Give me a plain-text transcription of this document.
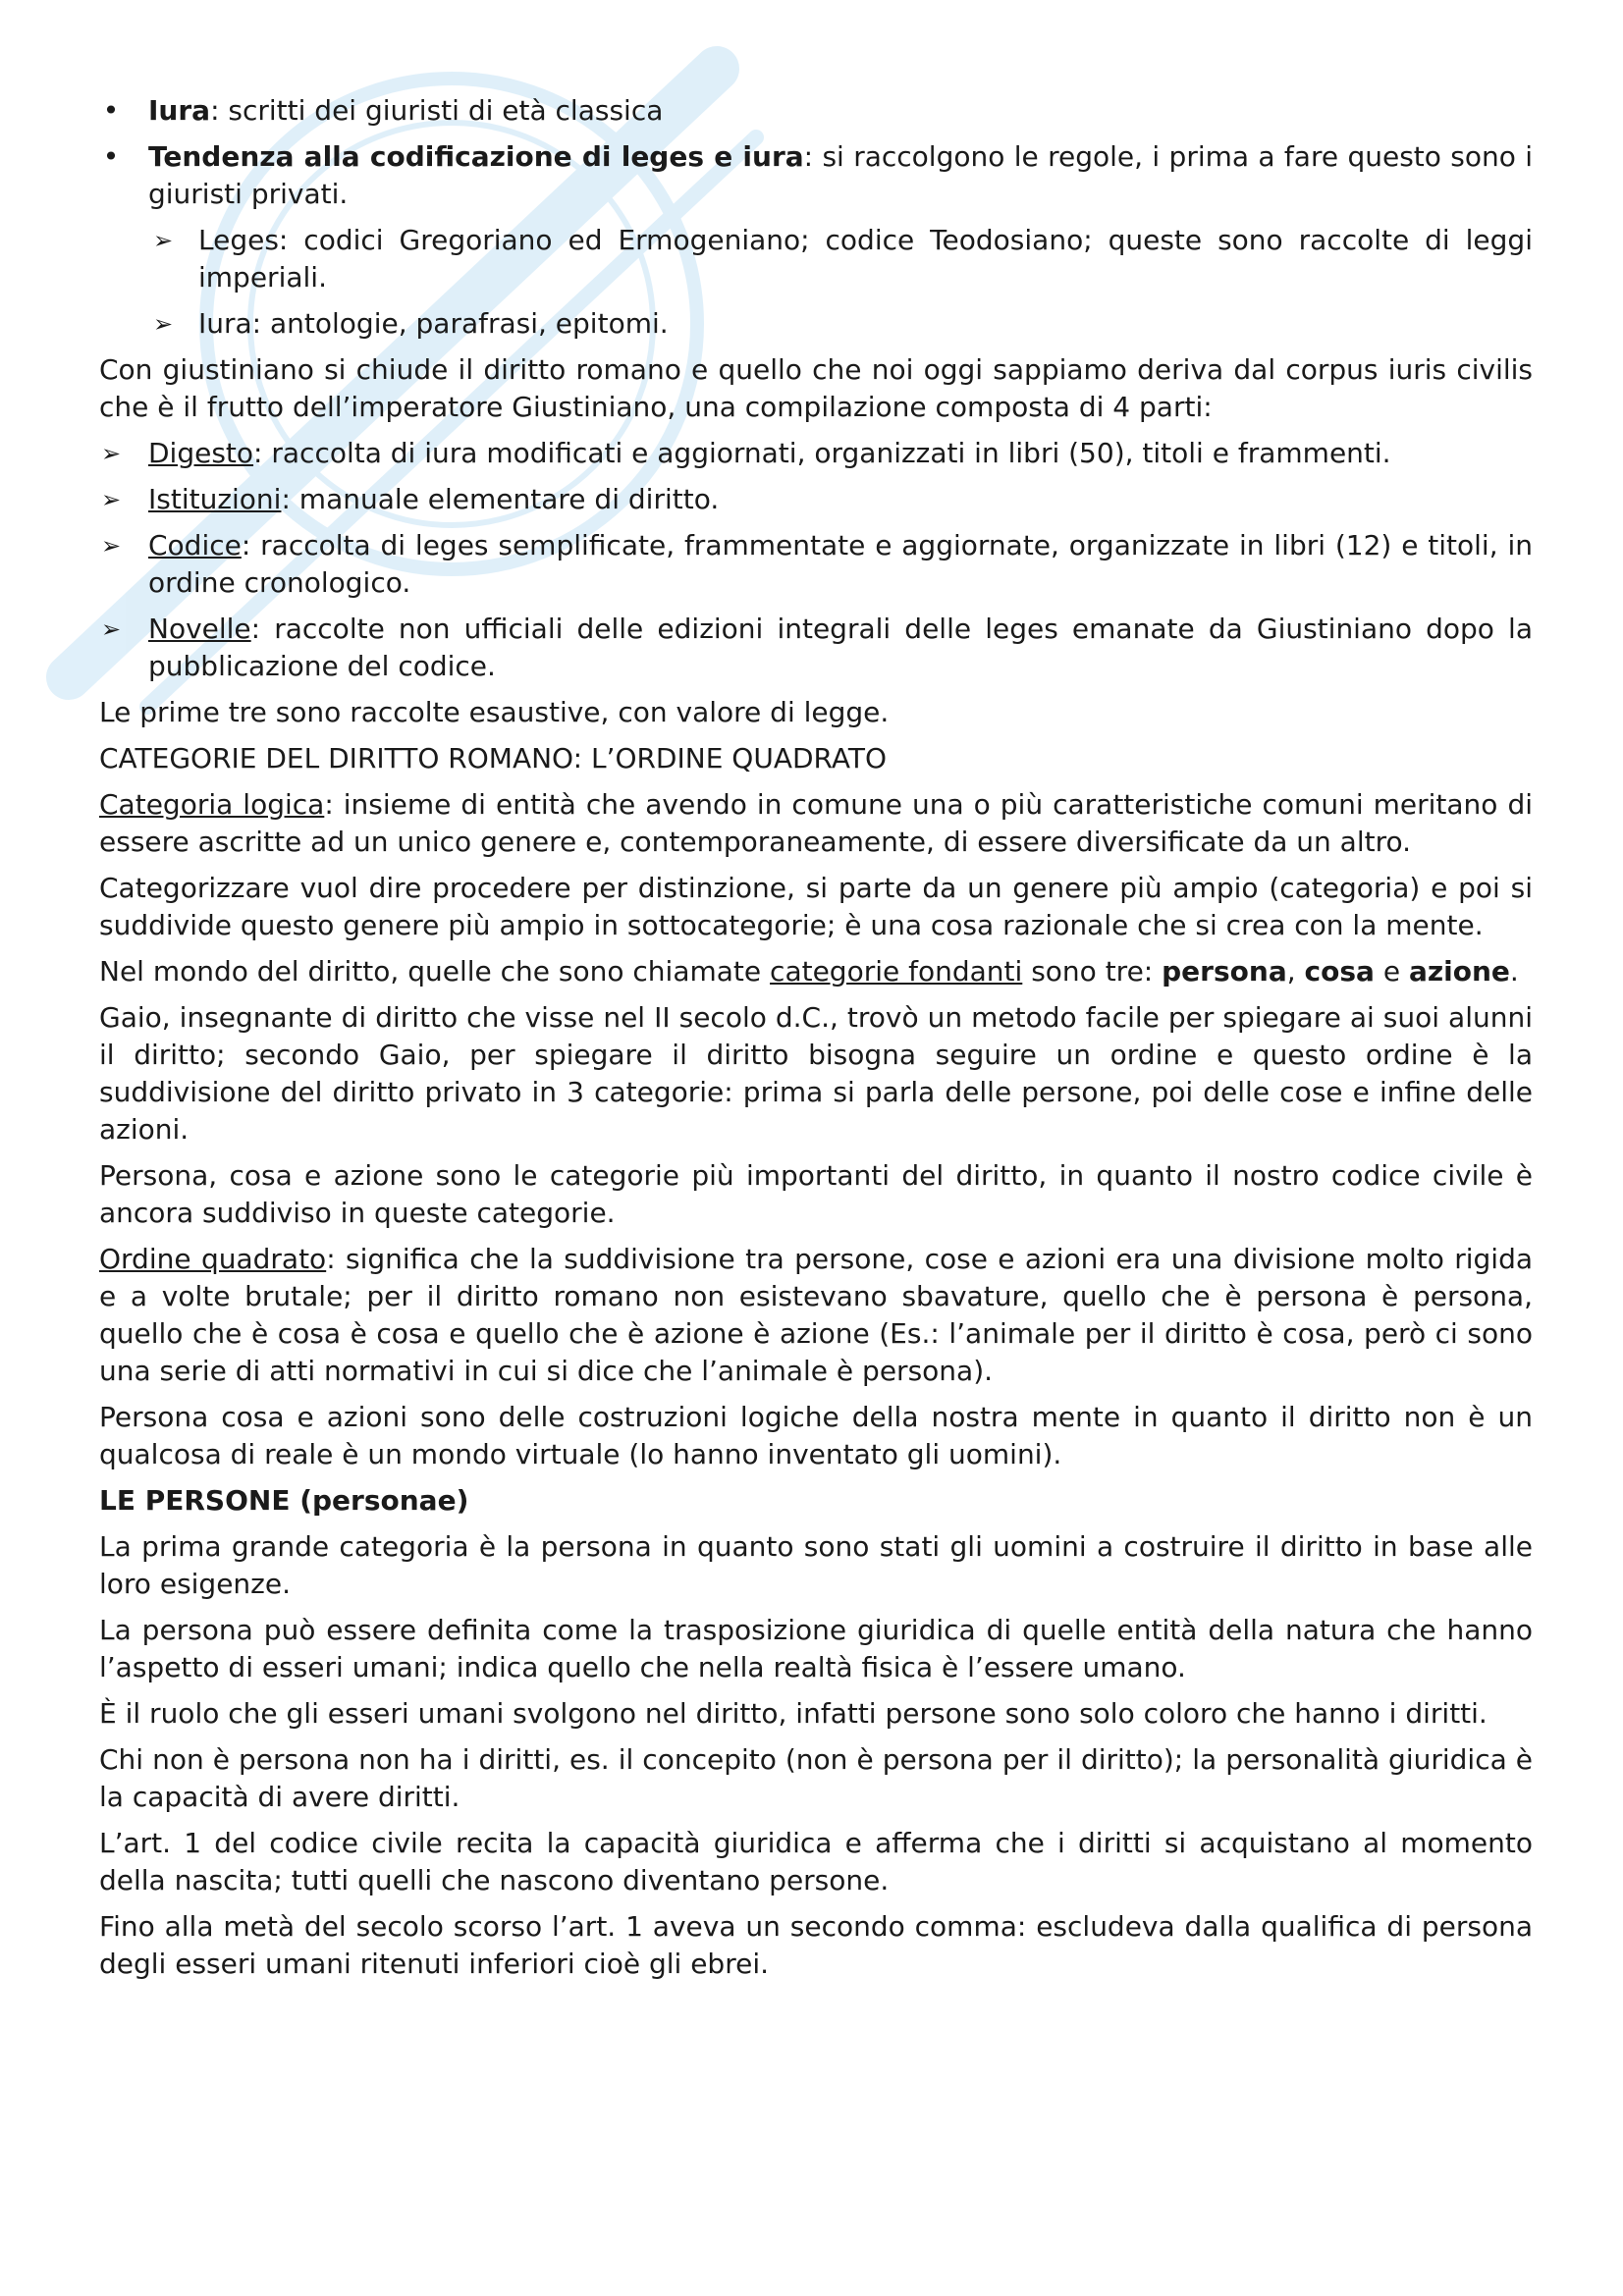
• Iura: scritti dei giuristi di età classica
• Tendenza alla codificazione di leges e iura: si raccolgono le regole, i prima a fare questo sono i giuristi privati.
➢ Leges: codici Gregoriano ed Ermogeniano; codice Teodosiano; queste sono raccolte di leggi imperiali.
➢ Iura: antologie, parafrasi, epitomi.

Con giustiniano si chiude il diritto romano e quello che noi oggi sappiamo deriva dal corpus iuris civilis che è il frutto dell’imperatore Giustiniano, una compilazione composta di 4 parti:

➢ Digesto: raccolta di iura modificati e aggiornati, organizzati in libri (50), titoli e frammenti.
➢ Istituzioni: manuale elementare di diritto.
➢ Codice: raccolta di leges semplificate, frammentate e aggiornate, organizzate in libri (12) e titoli, in ordine cronologico.
➢ Novelle: raccolte non ufficiali delle edizioni integrali delle leges emanate da Giustiniano dopo la pubblicazione del codice.

Le prime tre sono raccolte esaustive, con valore di legge.

CATEGORIE DEL DIRITTO ROMANO: L’ORDINE QUADRATO

Categoria logica: insieme di entità che avendo in comune una o più caratteristiche comuni meritano di essere ascritte ad un unico genere e, contemporaneamente, di essere diversificate da un altro.

Categorizzare vuol dire procedere per distinzione, si parte da un genere più ampio (categoria) e poi si suddivide questo genere più ampio in sottocategorie; è una cosa razionale che si crea con la mente.

Nel mondo del diritto, quelle che sono chiamate categorie fondanti sono tre: persona, cosa e azione.

Gaio, insegnante di diritto che visse nel II secolo d.C., trovò un metodo facile per spiegare ai suoi alunni il diritto; secondo Gaio, per spiegare il diritto bisogna seguire un ordine e questo ordine è la suddivisione del diritto privato in 3 categorie: prima si parla delle persone, poi delle cose e infine delle azioni.

Persona, cosa e azione sono le categorie più importanti del diritto, in quanto il nostro codice civile è ancora suddiviso in queste categorie.

Ordine quadrato: significa che la suddivisione tra persone, cose e azioni era una divisione molto rigida e a volte brutale; per il diritto romano non esistevano sbavature, quello che è persona è persona, quello che è cosa è cosa e quello che è azione è azione (Es.: l’animale per il diritto è cosa, però ci sono una serie di atti normativi in cui si dice che l’animale è persona).

Persona cosa e azioni sono delle costruzioni logiche della nostra mente in quanto il diritto non è un qualcosa di reale è un mondo virtuale (lo hanno inventato gli uomini).

LE PERSONE (personae)

La prima grande categoria è la persona in quanto sono stati gli uomini a costruire il diritto in base alle loro esigenze.

La persona può essere definita come la trasposizione giuridica di quelle entità della natura che hanno l’aspetto di esseri umani; indica quello che nella realtà fisica è l’essere umano.

È il ruolo che gli esseri umani svolgono nel diritto, infatti persone sono solo coloro che hanno i diritti.

Chi non è persona non ha i diritti, es. il concepito (non è persona per il diritto); la personalità giuridica è la capacità di avere diritti.

L’art. 1 del codice civile recita la capacità giuridica e afferma che i diritti si acquistano al momento della nascita; tutti quelli che nascono diventano persone.

Fino alla metà del secolo scorso l’art. 1 aveva un secondo comma: escludeva dalla qualifica di persona degli esseri umani ritenuti inferiori cioè gli ebrei.
